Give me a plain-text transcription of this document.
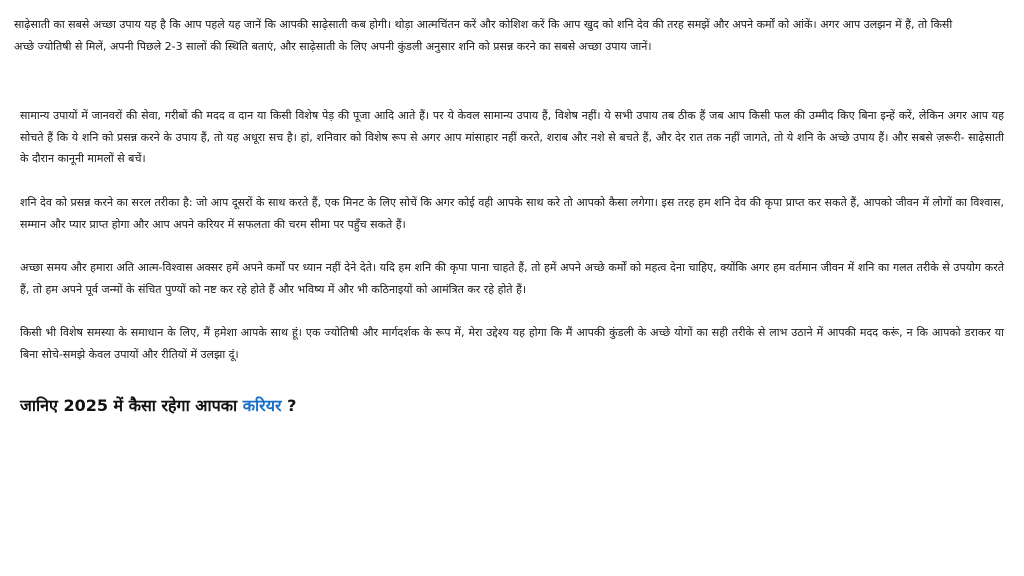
साढ़ेसाती का सबसे अच्छा उपाय यह है कि आप पहले यह जानें कि आपकी साढ़ेसाती कब होगी। थोड़ा आत्मचिंतन करें और कोशिश करें कि आप खुद को शनि देव की तरह समझें और अपने कर्मों को आंकें। अगर आप उलझन में हैं, तो किसी अच्छे ज्योतिषी से मिलें, अपनी पिछले 2-3 सालों की स्थिति बताएं, और साढ़ेसाती के लिए अपनी कुंडली अनुसार शनि को प्रसन्न करने का सबसे अच्छा उपाय जानें।

सामान्य उपायों में जानवरों की सेवा, गरीबों की मदद व दान या किसी विशेष पेड़ की पूजा आदि आते हैं। पर ये केवल सामान्य उपाय हैं, विशेष नहीं। ये सभी उपाय तब ठीक हैं जब आप किसी फल की उम्मीद किए बिना इन्हें करें, लेकिन अगर आप यह सोचते हैं कि ये शनि को प्रसन्न करने के उपाय हैं, तो यह अधूरा सच है। हां, शनिवार को विशेष रूप से अगर आप मांसाहार नहीं करते, शराब और नशे से बचते हैं, और देर रात तक नहीं जागते, तो ये शनि के अच्छे उपाय हैं। और सबसे ज़रूरी- साढ़ेसाती के दौरान कानूनी मामलों से बचें।

शनि देव को प्रसन्न करने का सरल तरीका है: जो आप दूसरों के साथ करते हैं, एक मिनट के लिए सोचें कि अगर कोई वही आपके साथ करे तो आपको कैसा लगेगा। इस तरह हम शनि देव की कृपा प्राप्त कर सकते हैं, आपको जीवन में लोगों का विश्वास, सम्मान और प्यार प्राप्त होगा और आप अपने करियर में सफलता की चरम सीमा पर पहुँच सकते हैं।

अच्छा समय और हमारा अति आत्म-विश्वास अक्सर हमें अपने कर्मों पर ध्यान नहीं देने देते। यदि हम शनि की कृपा पाना चाहते हैं, तो हमें अपने अच्छे कर्मों को महत्व देना चाहिए, क्योंकि अगर हम वर्तमान जीवन में शनि का गलत तरीके से उपयोग करते हैं, तो हम अपने पूर्व जन्मों के संचित पुण्यों को नष्ट कर रहे होते हैं और भविष्य में और भी कठिनाइयों को आमंत्रित कर रहे होते हैं।

किसी भी विशेष समस्या के समाधान के लिए, मैं हमेशा आपके साथ हूं। एक ज्योतिषी और मार्गदर्शक के रूप में, मेरा उद्देश्य यह होगा कि मैं आपकी कुंडली के अच्छे योगों का सही तरीके से लाभ उठाने में आपकी मदद करूं, न कि आपको डराकर या बिना सोचे-समझे केवल उपायों और रीतियों में उलझा दूं।

जानिए 2025 में कैसा रहेगा आपका करियर ?
